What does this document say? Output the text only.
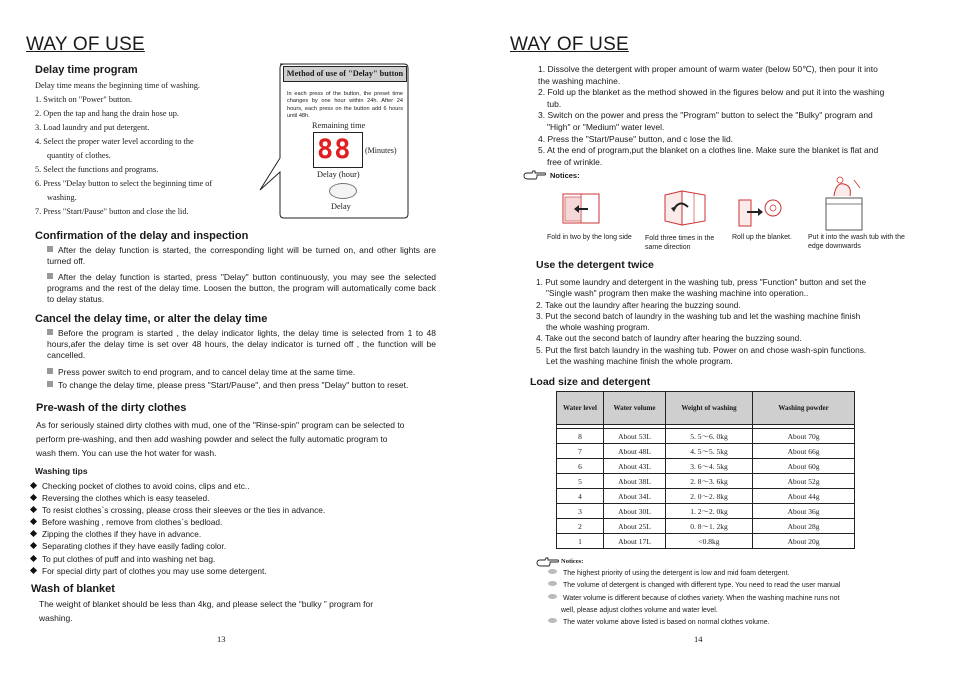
WAY OF USE
Delay time program
Delay time means the beginning time of washing.
1. Switch on "Power" button.
2. Open the tap and hang the drain hose up.
3. Load laundry and put detergent.
4. Select the proper water level according to the
quantity of clothes.
5. Select the functions and programs.
6. Press "Delay button to select the beginning time of
washing.
7. Press "Start/Pause" button and close the lid.
Method of use of "Delay" button
In each press of the button, the preset time changes by one hour within 24h. After 24 hours, each press on the button add 6 hours until 48h.
Remaining time
88 (Minutes)
Delay (hour)
Delay
Confirmation of the delay and inspection
After the delay function is started, the corresponding light will be turned on, and other lights are turned off.
After the delay function is started, press "Delay" button continuously, you may see the selected programs and the rest of the delay time. Loosen the button, the program will automatically come back to delay status.
Cancel the delay time, or alter the delay time
Before the program is started , the delay indicator lights, the delay time is selected from 1 to 48 hours,afer the delay time is set over 48 hours, the delay indicator is turned off , the function will be cancelled.
Press power switch to end program, and to cancel delay time at the same time.
To change the delay time, please press "Start/Pause", and then press "Delay" button to reset.
Pre-wash of the dirty clothes
As for seriously stained dirty clothes with mud, one of the "Rinse-spin" program can be selected to
perform pre-washing, and then add washing powder and select the fully automatic program to
wash them. You can use the hot water for wash.
Washing tips
Checking pocket of clothes to avoid coins, clips and etc..
Reversing the clothes which is easy teaseled.
To resist clothes`s crossing, please cross their sleeves or the ties in advance.
Before washing , remove from clothes`s bedload.
Zipping the clothes if they have in advance.
Separating clothes if they have easily fading color.
To put clothes of puff and into washing net bag.
For special dirty part of clothes you may use some detergent.
Wash of blanket
The weight of blanket should be less than 4kg, and please select the “bulky ” program for
washing.
13
WAY OF USE
1. Dissolve the detergent with proper amount of warm water (below 50℃), then pour it into
the washing machine.
2. Fold up the blanket as the method showed in the figures below and put it into the washing
tub.
3. Switch on the power and press the "Program" button to select the "Bulky" program and
"High" or "Medium" water level.
4. Press the "Start/Pause" button, and c lose the lid.
5. At the end of program,put the blanket on a clothes line. Make sure the blanket is flat and
free of wrinkle.
Notices:
Fold in two by the long side Fold three times in the same direction
Roll up the blanket. Put it into the wash tub with the edge downwards
Use the detergent twice
1. Put some laundry and detergent in the washing tub, press "Function" button and set the
"Single wash" program then make the washing machine into operation..
2. Take out the laundry after hearing the buzzing sound.
3. Put the second batch of laundry in the washing tub and let the washing machine finish
the whole washing program.
4. Take out the second batch of laundry after hearing the buzzing sound.
5. Put the first batch laundry in the washing tub. Power on and chose wash-spin functions.
Let the washing machine finish the whole program.
Load size and detergent
Water level	Water volume	Weight of washing	Washing powder

8	About 53L	5. 5～6. 0kg	About 70g
7	About 48L	4. 5～5. 5kg	About 66g
6	About 43L	3. 6～4. 5kg	About 60g
5	About 38L	2. 8～3. 6kg	About 52g
4	About 34L	2. 0～2. 8kg	About 44g
3	About 30L	1. 2～2. 0kg	About 36g
2	About 25L	0. 8～1. 2kg	About 28g
1	About 17L	<0.8kg	About 20g
Notices:
The highest priority of using the detergent is low and mid foam detergent.
The volume of detergent is changed with different type. You need to read the user manual
Water volume is different because of clothes variety. When the washing machine runs not
well, please adjust clothes volume and water level.
The water volume above listed is based on normal clothes volume.
14
